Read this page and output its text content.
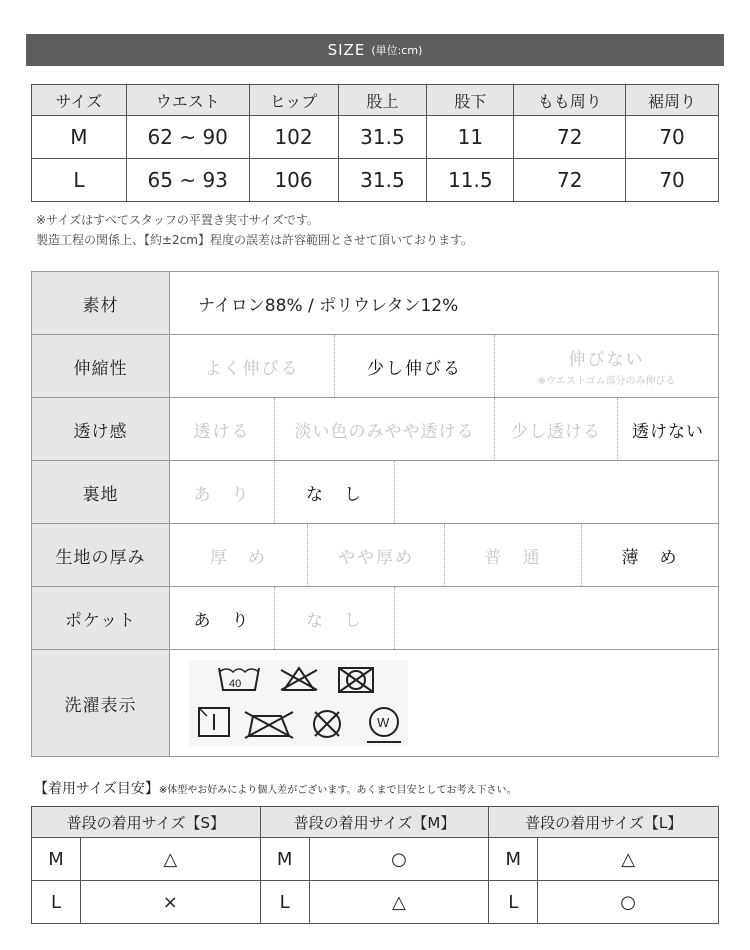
SIZE (単位:cm)
サイズ	ウエスト	ヒップ	股上	股下	もも周り	裾周り
M	62 ~ 90	102	31.5	11	72	70
L	65 ~ 93	106	31.5	11.5	72	70
※サイズはすべてスタッフの平置き実寸サイズです。
製造工程の関係上、【約±2cm】程度の誤差は許容範囲とさせて頂いております。
素材	ナイロン88% / ポリウレタン12%

伸縮性	よく伸びる 少し伸びる 伸びない
※ウエストゴム部分のみ伸びる

透け感	透ける 淡い色のみやや透ける 少し透ける 透けない

裏地	あ　り な　し

生地の厚み	厚　め やや厚め 普　通 薄　め

ポケット	あ　り な　し

洗濯表示	
40
W
【着用サイズ目安】※体型やお好みにより個人差がございます。あくまで目安としてお考え下さい。
普段の着用サイズ【S】		普段の着用サイズ【M】		普段の着用サイズ【L】	
M	△	M	○	M	△
L	×	L	△	L	○
